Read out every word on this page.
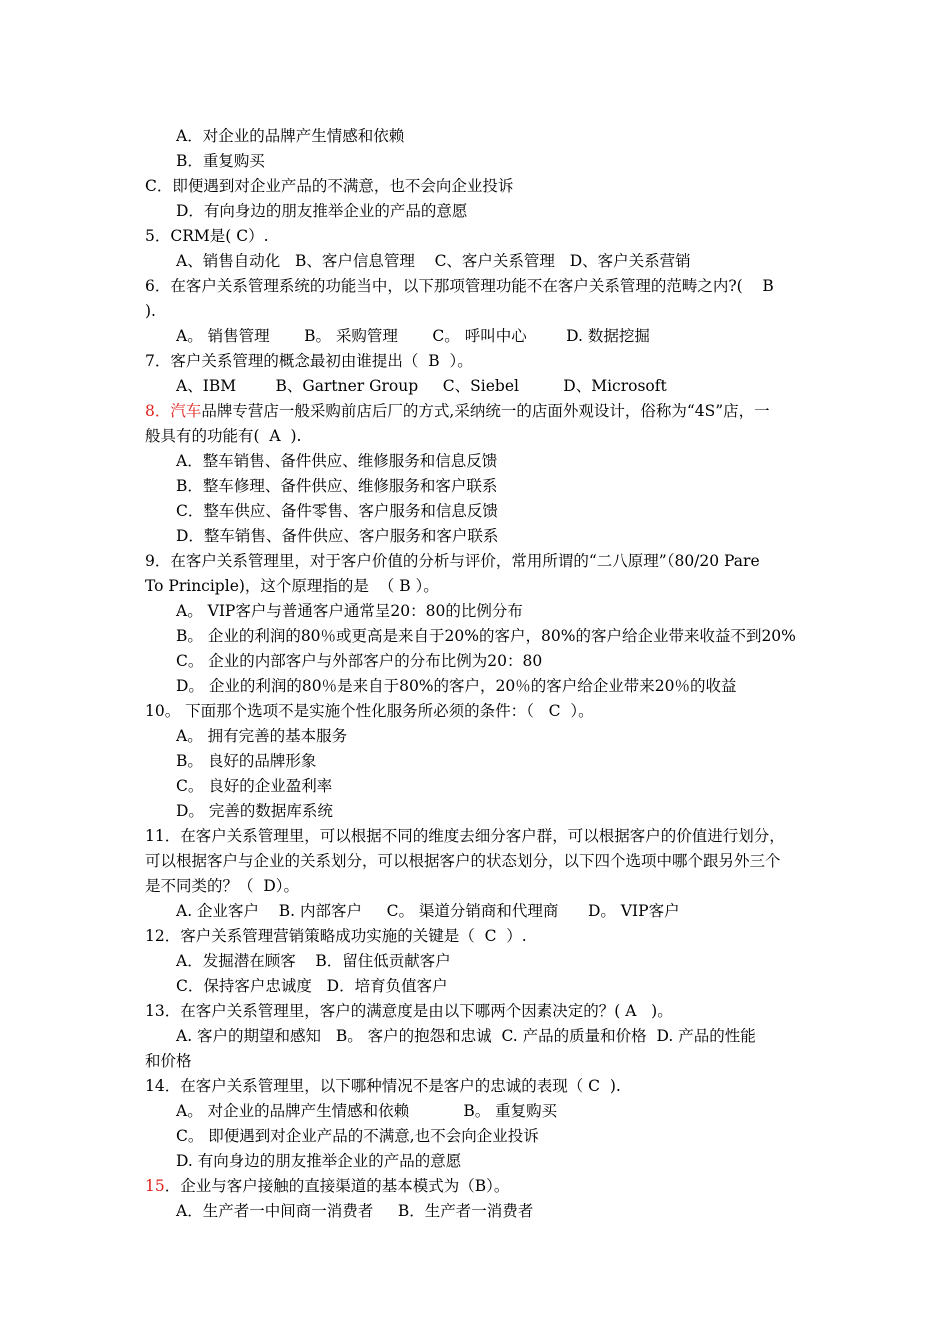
A．对企业的品牌产生情感和依赖
B．重复购买
C．即便遇到对企业产品的不满意，也不会向企业投诉
D．有向身边的朋友推举企业的产品的意愿
5．CRM是( C）.
A、销售自动化   B、客户信息管理    C、客户关系管理   D、客户关系营销
6．在客户关系管理系统的功能当中，以下那项管理功能不在客户关系管理的范畴之内?(    B
).
A。 销售管理       B。 采购管理       C。 呼叫中心        D. 数据挖掘
7．客户关系管理的概念最初由谁提出（  B  ）。
A、IBM        B、Gartner Group     C、Siebel         D、Microsoft
8．汽车品牌专营店一般采购前店后厂的方式,采纳统一的店面外观设计，俗称为“4S”店，一
般具有的功能有(  A  ).
A．整车销售、备件供应、维修服务和信息反馈
B．整车修理、备件供应、维修服务和客户联系
C．整车供应、备件零售、客户服务和信息反馈
D．整车销售、备件供应、客户服务和客户联系
9．在客户关系管理里，对于客户价值的分析与评价，常用所谓的“二八原理”（80/20 Pare
To Principle)，这个原理指的是  （ B ）。
A。 VIP客户与普通客户通常呈20：80的比例分布
B。 企业的利润的80％或更高是来自于20%的客户，80%的客户给企业带来收益不到20%
C。 企业的内部客户与外部客户的分布比例为20：80
D。 企业的利润的80％是来自于80%的客户，20％的客户给企业带来20％的收益
10。 下面那个选项不是实施个性化服务所必须的条件：（   C  ）。
A。 拥有完善的基本服务
B。 良好的品牌形象
C。 良好的企业盈利率
D。 完善的数据库系统
11．在客户关系管理里，可以根据不同的维度去细分客户群，可以根据客户的价值进行划分，
可以根据客户与企业的关系划分，可以根据客户的状态划分，以下四个选项中哪个跟另外三个
是不同类的？（  D）。
A. 企业客户    B. 内部客户     C。 渠道分销商和代理商      D。 VIP客户
12．客户关系管理营销策略成功实施的关键是（  C  ）.
A．发掘潜在顾客    B．留住低贡献客户
C．保持客户忠诚度   D．培育负值客户
13．在客户关系管理里，客户的满意度是由以下哪两个因素决定的？( A   )。
A. 客户的期望和感知   B。 客户的抱怨和忠诚  C. 产品的质量和价格  D. 产品的性能
和价格
14．在客户关系管理里，以下哪种情况不是客户的忠诚的表现（ C  ).
A。 对企业的品牌产生情感和依赖           B。 重复购买
C。 即便遇到对企业产品的不满意,也不会向企业投诉
D. 有向身边的朋友推举企业的产品的意愿
15．企业与客户接触的直接渠道的基本模式为（B）。
A．生产者一中间商一消费者     B．生产者一消费者
